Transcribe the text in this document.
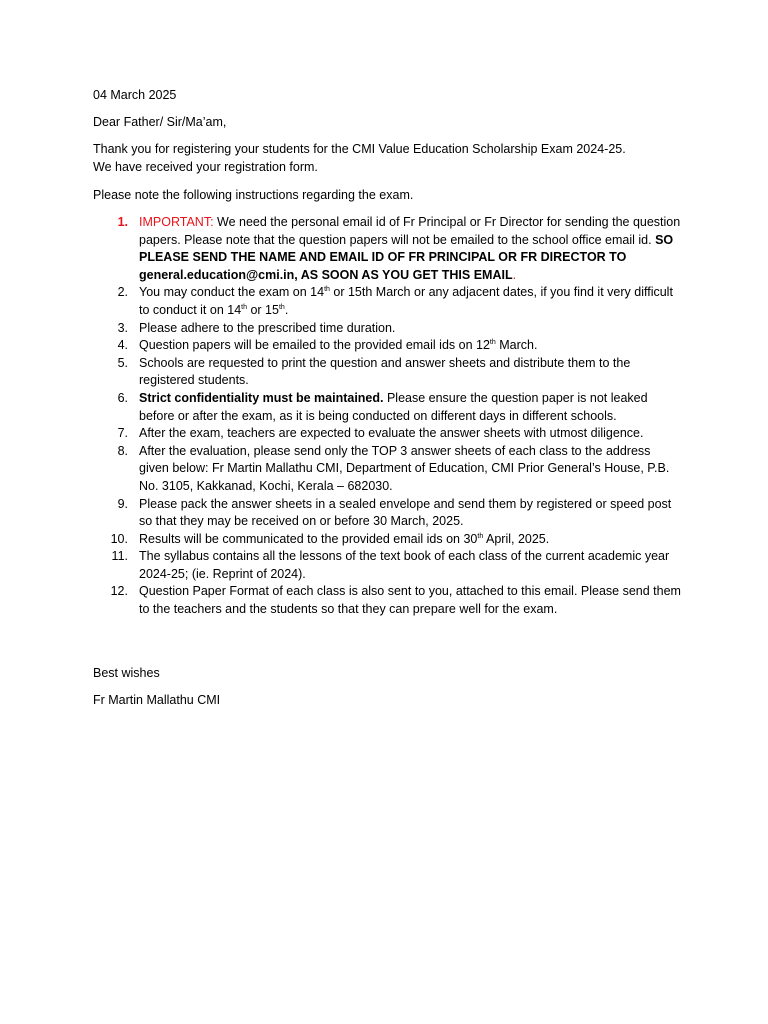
04 March 2025
Dear Father/ Sir/Ma’am,
Thank you for registering your students for the CMI Value Education Scholarship Exam 2024-25.
We have received your registration form.
Please note the following instructions regarding the exam.
1. IMPORTANT: We need the personal email id of Fr Principal or Fr Director for sending the question papers. Please note that the question papers will not be emailed to the school office email id. SO PLEASE SEND THE NAME AND EMAIL ID OF FR PRINCIPAL OR FR DIRECTOR TO general.education@cmi.in, AS SOON AS YOU GET THIS EMAIL.
2. You may conduct the exam on 14th or 15th March or any adjacent dates, if you find it very difficult to conduct it on 14th or 15th.
3. Please adhere to the prescribed time duration.
4. Question papers will be emailed to the provided email ids on 12th March.
5. Schools are requested to print the question and answer sheets and distribute them to the registered students.
6. Strict confidentiality must be maintained. Please ensure the question paper is not leaked before or after the exam, as it is being conducted on different days in different schools.
7. After the exam, teachers are expected to evaluate the answer sheets with utmost diligence.
8. After the evaluation, please send only the TOP 3 answer sheets of each class to the address given below: Fr Martin Mallathu CMI, Department of Education, CMI Prior General’s House, P.B. No. 3105, Kakkanad, Kochi, Kerala – 682030.
9. Please pack the answer sheets in a sealed envelope and send them by registered or speed post so that they may be received on or before 30 March, 2025.
10. Results will be communicated to the provided email ids on 30th April, 2025.
11. The syllabus contains all the lessons of the text book of each class of the current academic year 2024-25; (ie. Reprint of 2024).
12. Question Paper Format of each class is also sent to you, attached to this email. Please send them to the teachers and the students so that they can prepare well for the exam.
Best wishes
Fr Martin Mallathu CMI
